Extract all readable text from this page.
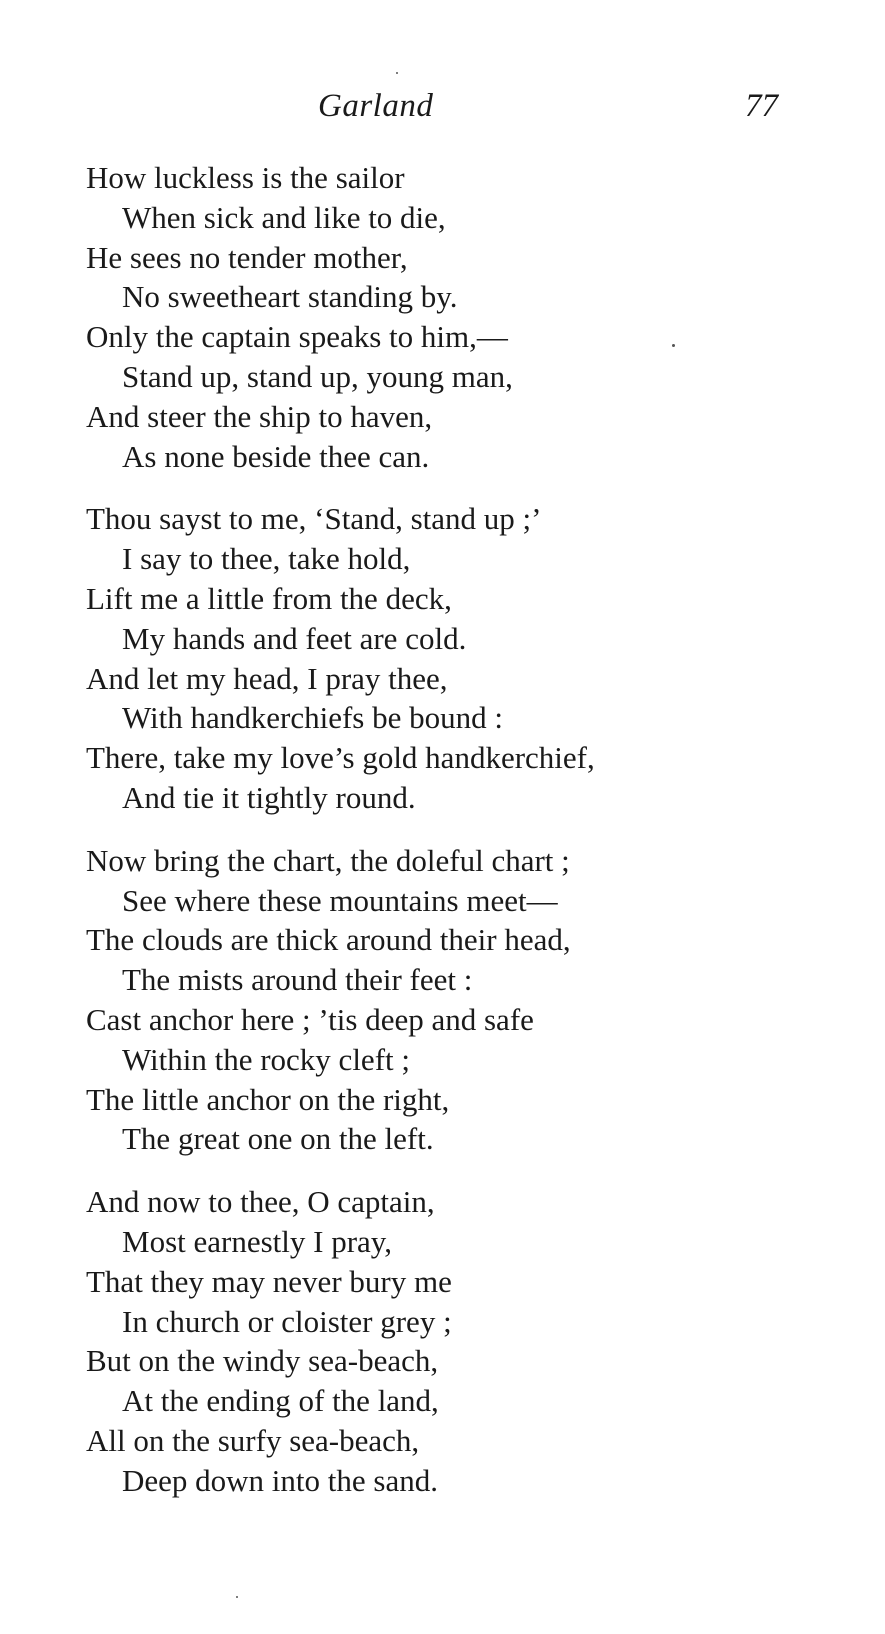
Garland	77
How luckless is the sailor
When sick and like to die,
He sees no tender mother,
No sweetheart standing by.
Only the captain speaks to him,—
Stand up, stand up, young man,
And steer the ship to haven,
As none beside thee can.
Thou sayst to me, ‘Stand, stand up ;’
I say to thee, take hold,
Lift me a little from the deck,
My hands and feet are cold.
And let my head, I pray thee,
With handkerchiefs be bound :
There, take my love’s gold handkerchief,
And tie it tightly round.
Now bring the chart, the doleful chart ;
See where these mountains meet—
The clouds are thick around their head,
The mists around their feet :
Cast anchor here ; ’tis deep and safe
Within the rocky cleft ;
The little anchor on the right,
The great one on the left.
And now to thee, O captain,
Most earnestly I pray,
That they may never bury me
In church or cloister grey ;
But on the windy sea-beach,
At the ending of the land,
All on the surfy sea-beach,
Deep down into the sand.
